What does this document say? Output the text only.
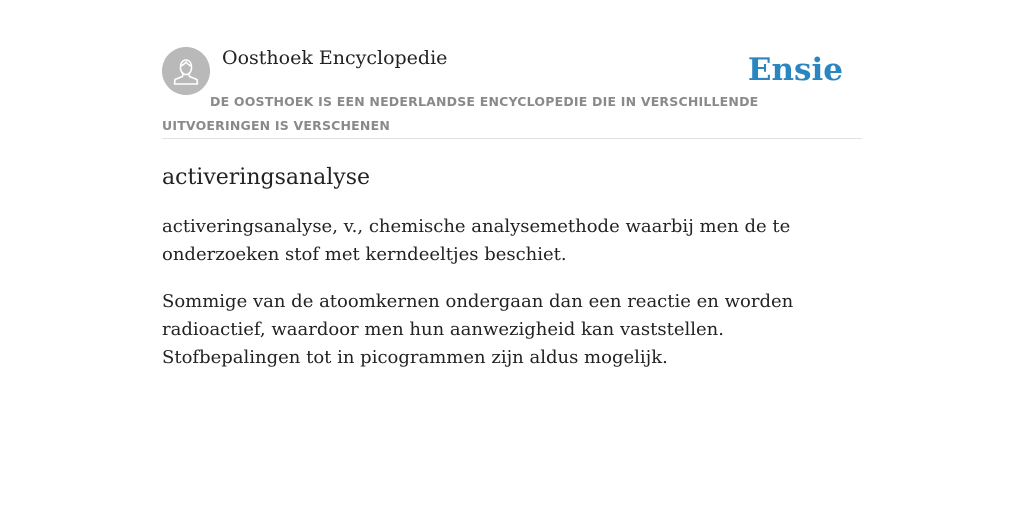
Oosthoek Encyclopedie	Ensie
DE OOSTHOEK IS EEN NEDERLANDSE ENCYCLOPEDIE DIE IN VERSCHILLENDE UITVOERINGEN IS VERSCHENEN
activeringsanalyse

activeringsanalyse, v., chemische analysemethode waarbij men de te onderzoeken stof met kerndeeltjes beschiet.

Sommige van de atoomkernen ondergaan dan een reactie en worden radioactief, waardoor men hun aanwezigheid kan vaststellen. Stofbepalingen tot in picogrammen zijn aldus mogelijk.
